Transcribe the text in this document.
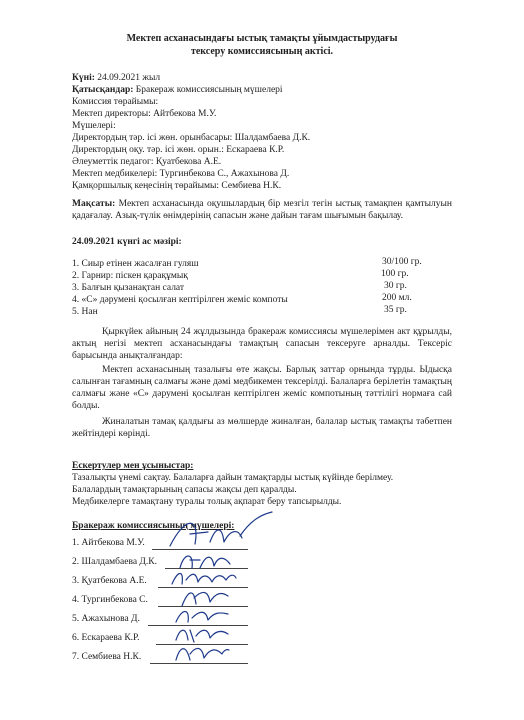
Мектеп асханасындағы ыстық тамақты ұйымдастырудағы
тексеру комиссиясының актісі.
Күні: 24.09.2021 жыл
Қатысқандар: Бракераж комиссиясының мүшелері
Комиссия төрайымы:
Мектеп директоры: Айтбекова М.У.
Мүшелері:
Директордың тәр. ісі жөн. орынбасары: Шалдамбаева Д.К.
Директордың оқу. тәр. ісі жөн. орын.: Ескараева К.Р.
Әлеуметтік педагог: Қуатбекова А.Е.
Мектеп медбикелері: Тургинбекова С., Ажахынова Д.
Қамқоршылық кеңесінің төрайымы: Сембиева Н.К.
Мақсаты: Мектеп асханасында оқушылардың бір мезгіл тегін ыстық тамақпен қамтылуын қадағалау. Азық-түлік өнімдерінің сапасын және дайын тағам шығымын бақылау.
24.09.2021 күнгі ас мәзірі:
1. Сиыр етінен жасалған гуляш	30/100 гр.
2. Гарнир: піскен қарақұмық	100 гр.
3. Балғын қызанақтан салат	30 гр.
4. «С» дәрумені қосылған кептірілген жеміс компоты	200 мл.
5. Нан	35 гр.
Қыркүйек айының 24 жұлдызында бракераж комиссиясы мүшелерімен акт құрылды, актың негізі мектеп асханасындағы тамақтың сапасын тексеруге арналды. Тексеріс барысында анықталғандар:
Мектеп асханасының тазалығы өте жақсы. Барлық заттар орнында тұрды. Ыдысқа салынған тағамның салмағы және дәмі медбикемен тексерілді. Балаларға берілетін тамақтың салмағы және «С» дәрумені қосылған кептірілген жеміс компотының тәттілігі нормаға сай болды.
Жиналатын тамақ қалдығы аз мөлшерде жиналған, балалар ыстық тамақты тәбетпен жейтіндері көрінді.
Ескертулер мен ұсыныстар:
Тазалықты үнемі сақтау. Балаларға дайын тамақтарды ыстық күйінде берілмеу.
Балалардың тамақтарының сапасы жақсы деп қаралды.
Медбикелерге тамақтану туралы толық ақпарат беру тапсырылды.
Бракераж комиссиясының мүшелері:
1. Айтбекова М.У.
2. Шалдамбаева Д.К.
3. Қуатбекова А.Е.
4. Тургинбекова С.
5. Ажахынова Д.
6. Ескараева К.Р.
7. Сембиева Н.К.
